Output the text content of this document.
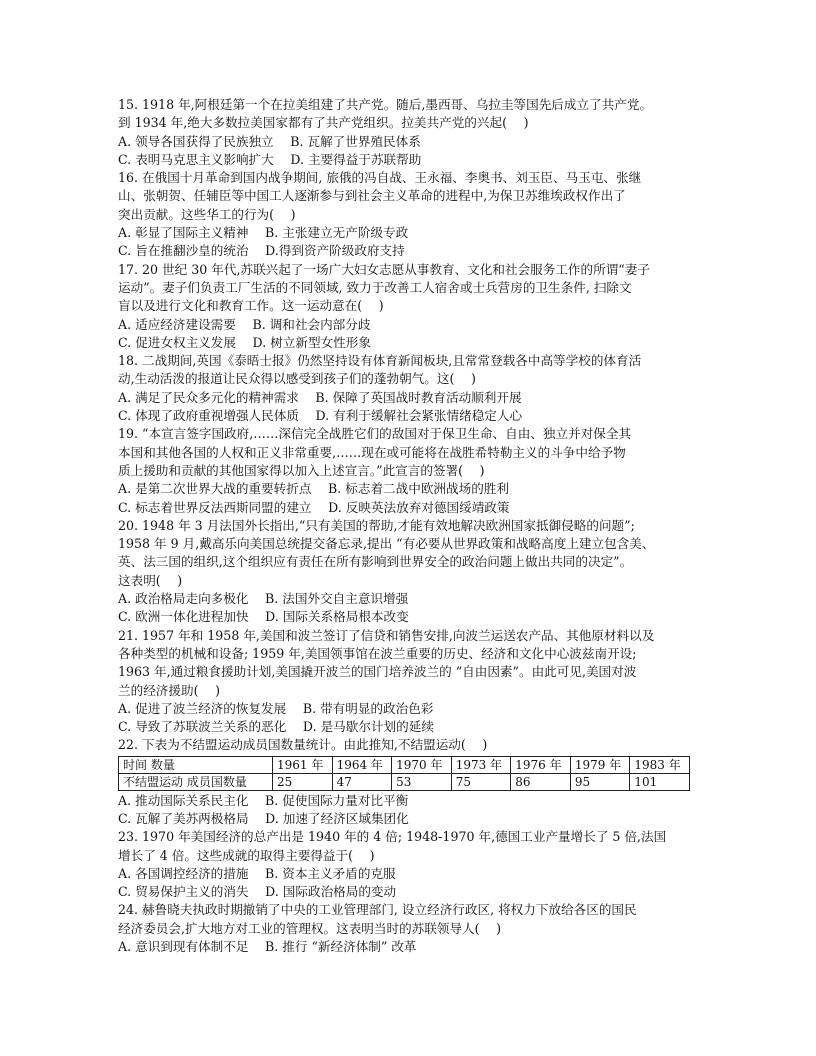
15. 1918 年,阿根廷第一个在拉美组建了共产党。随后,墨西哥、乌拉圭等国先后成立了共产党。
到 1934 年,绝大多数拉美国家都有了共产党组织。拉美共产党的兴起(　 )
A. 领导各国获得了民族独立　 B. 瓦解了世界殖民体系
C. 表明马克思主义影响扩大　 D. 主要得益于苏联帮助
16. 在俄国十月革命到国内战争期间, 旅俄的冯自战、王永福、李奥书、刘玉臣、马玉屯、张继
山、张朝贺、任辅臣等中国工人逐渐参与到社会主义革命的进程中,为保卫苏维埃政权作出了
突出贡献。这些华工的行为(　 )
A. 彰显了国际主义精神　 B. 主张建立无产阶级专政
C. 旨在推翻沙皇的统治　 D.得到资产阶级政府支持
17. 20 世纪 30 年代,苏联兴起了一场广大妇女志愿从事教育、文化和社会服务工作的所谓“妻子
运动”。妻子们负责工厂生活的不同领域, 致力于改善工人宿舍或士兵营房的卫生条件, 扫除文
盲以及进行文化和教育工作。这一运动意在(　 )
A. 适应经济建设需要　 B. 调和社会内部分歧
C. 促进女权主义发展　 D. 树立新型女性形象
18. 二战期间,英国《泰晤士报》仍然坚持设有体育新闻板块,且常常登载各中高等学校的体育活
动,生动活泼的报道让民众得以感受到孩子们的蓬勃朝气。这(　 )
A. 满足了民众多元化的精神需求　 B. 保障了英国战时教育活动顺利开展
C. 体现了政府重视增强人民体质　 D. 有利于缓解社会紧张情绪稳定人心
19. “本宣言签字国政府,……深信完全战胜它们的敌国对于保卫生命、自由、独立并对保全其
本国和其他各国的人权和正义非常重要,……现在或可能将在战胜希特勒主义的斗争中给予物
质上援助和贡献的其他国家得以加入上述宣言。”此宣言的签署(　 )
A. 是第二次世界大战的重要转折点　 B. 标志着二战中欧洲战场的胜利
C. 标志着世界反法西斯同盟的建立　 D. 反映英法放弃对德国绥靖政策
20. 1948 年 3 月法国外长指出,“只有美国的帮助,才能有效地解决欧洲国家抵御侵略的问题”;
1958 年 9 月,戴高乐向美国总统提交备忘录,提出 “有必要从世界政策和战略高度上建立包含美、
英、法三国的组织,这个组织应有责任在所有影响到世界安全的政治问题上做出共同的决定”。
这表明(　 )
A. 政治格局走向多极化　 B. 法国外交自主意识增强
C. 欧洲一体化进程加快　 D. 国际关系格局根本改变
21. 1957 年和 1958 年,美国和波兰签订了信贷和销售安排,向波兰运送农产品、其他原材料以及
各种类型的机械和设备; 1959 年,美国领事馆在波兰重要的历史、经济和文化中心波兹南开设;
1963 年,通过粮食援助计划,美国撬开波兰的国门培养波兰的 “自由因素”。由此可见,美国对波
兰的经济援助(　 )
A. 促进了波兰经济的恢复发展　 B. 带有明显的政治色彩
C. 导致了苏联波兰关系的恶化　 D. 是马歇尔计划的延续
22. 下表为不结盟运动成员国数量统计。由此推知,不结盟运动(　 )
时间 数量	1961 年	1964 年	1970 年	1973 年	1976 年	1979 年	1983 年
不结盟运动 成员国数量	25	47	53	75	86	95	101
A. 推动国际关系民主化　 B. 促使国际力量对比平衡
C. 瓦解了美苏两极格局　 D. 加速了经济区域集团化
23. 1970 年美国经济的总产出是 1940 年的 4 倍; 1948-1970 年,德国工业产量增长了 5 倍,法国
增长了 4 倍。这些成就的取得主要得益于(　 )
A. 各国调控经济的措施　 B. 资本主义矛盾的克服
C. 贸易保护主义的消失　 D. 国际政治格局的变动
24. 赫鲁晓夫执政时期撤销了中央的工业管理部门, 设立经济行政区, 将权力下放给各区的国民
经济委员会,扩大地方对工业的管理权。这表明当时的苏联领导人(　 )
A. 意识到现有体制不足　 B. 推行 “新经济体制” 改革
